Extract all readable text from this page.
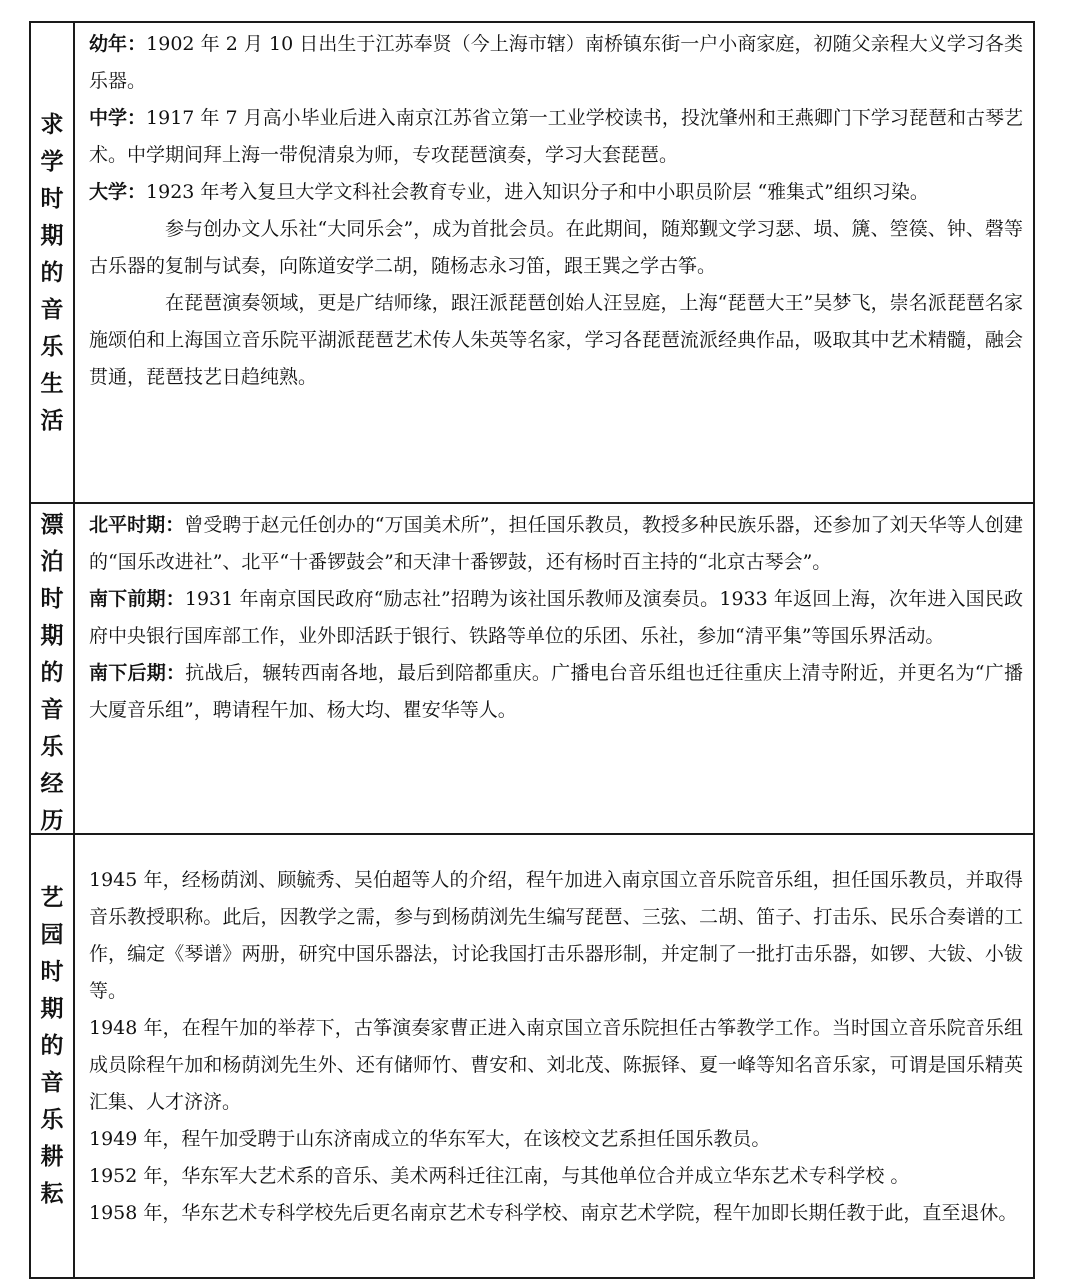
求
学
时
期
的
音
乐
生
活

幼年：1902 年 2 月 10 日出生于江苏奉贤（今上海市辖）南桥镇东街一户小商家庭，初随父亲程大义学习各类乐器。

中学：1917 年 7 月高小毕业后进入南京江苏省立第一工业学校读书，投沈肇州和王燕卿门下学习琵琶和古琴艺术。中学期间拜上海一带倪清泉为师，专攻琵琶演奏，学习大套琵琶。

大学：1923 年考入复旦大学文科社会教育专业，进入知识分子和中小职员阶层 “雅集式”组织习染。

参与创办文人乐社“大同乐会”，成为首批会员。在此期间，随郑觐文学习瑟、埙、篪、箜篌、钟、磬等古乐器的复制与试奏，向陈道安学二胡，随杨志永习笛，跟王巽之学古筝。

在琵琶演奏领域，更是广结师缘，跟汪派琵琶创始人汪昱庭，上海“琵琶大王”吴梦飞，崇名派琵琶名家施颂伯和上海国立音乐院平湖派琵琶艺术传人朱英等名家，学习各琵琶流派经典作品，吸取其中艺术精髓，融会贯通，琵琶技艺日趋纯熟。

漂
泊
时
期
的
音
乐
经
历

北平时期：曾受聘于赵元任创办的“万国美术所”，担任国乐教员，教授多种民族乐器，还参加了刘天华等人创建的“国乐改进社”、北平“十番锣鼓会”和天津十番锣鼓，还有杨时百主持的“北京古琴会”。

南下前期：1931 年南京国民政府“励志社”招聘为该社国乐教师及演奏员。1933 年返回上海，次年进入国民政府中央银行国库部工作，业外即活跃于银行、铁路等单位的乐团、乐社，参加“清平集”等国乐界活动。

南下后期：抗战后，辗转西南各地，最后到陪都重庆。广播电台音乐组也迁往重庆上清寺附近，并更名为“广播大厦音乐组”，聘请程午加、杨大均、瞿安华等人。

艺
园
时
期
的
音
乐
耕
耘

1945 年，经杨荫浏、顾毓秀、吴伯超等人的介绍，程午加进入南京国立音乐院音乐组，担任国乐教员，并取得音乐教授职称。此后，因教学之需，参与到杨荫浏先生编写琵琶、三弦、二胡、笛子、打击乐、民乐合奏谱的工作，编定《琴谱》两册，研究中国乐器法，讨论我国打击乐器形制，并定制了一批打击乐器，如锣、大钹、小钹等。

1948 年，在程午加的举荐下，古筝演奏家曹正进入南京国立音乐院担任古筝教学工作。当时国立音乐院音乐组成员除程午加和杨荫浏先生外、还有储师竹、曹安和、刘北茂、陈振铎、夏一峰等知名音乐家，可谓是国乐精英汇集、人才济济。

1949 年，程午加受聘于山东济南成立的华东军大，在该校文艺系担任国乐教员。

1952 年，华东军大艺术系的音乐、美术两科迁往江南，与其他单位合并成立华东艺术专科学校 。

1958 年，华东艺术专科学校先后更名南京艺术专科学校、南京艺术学院，程午加即长期任教于此，直至退休。
